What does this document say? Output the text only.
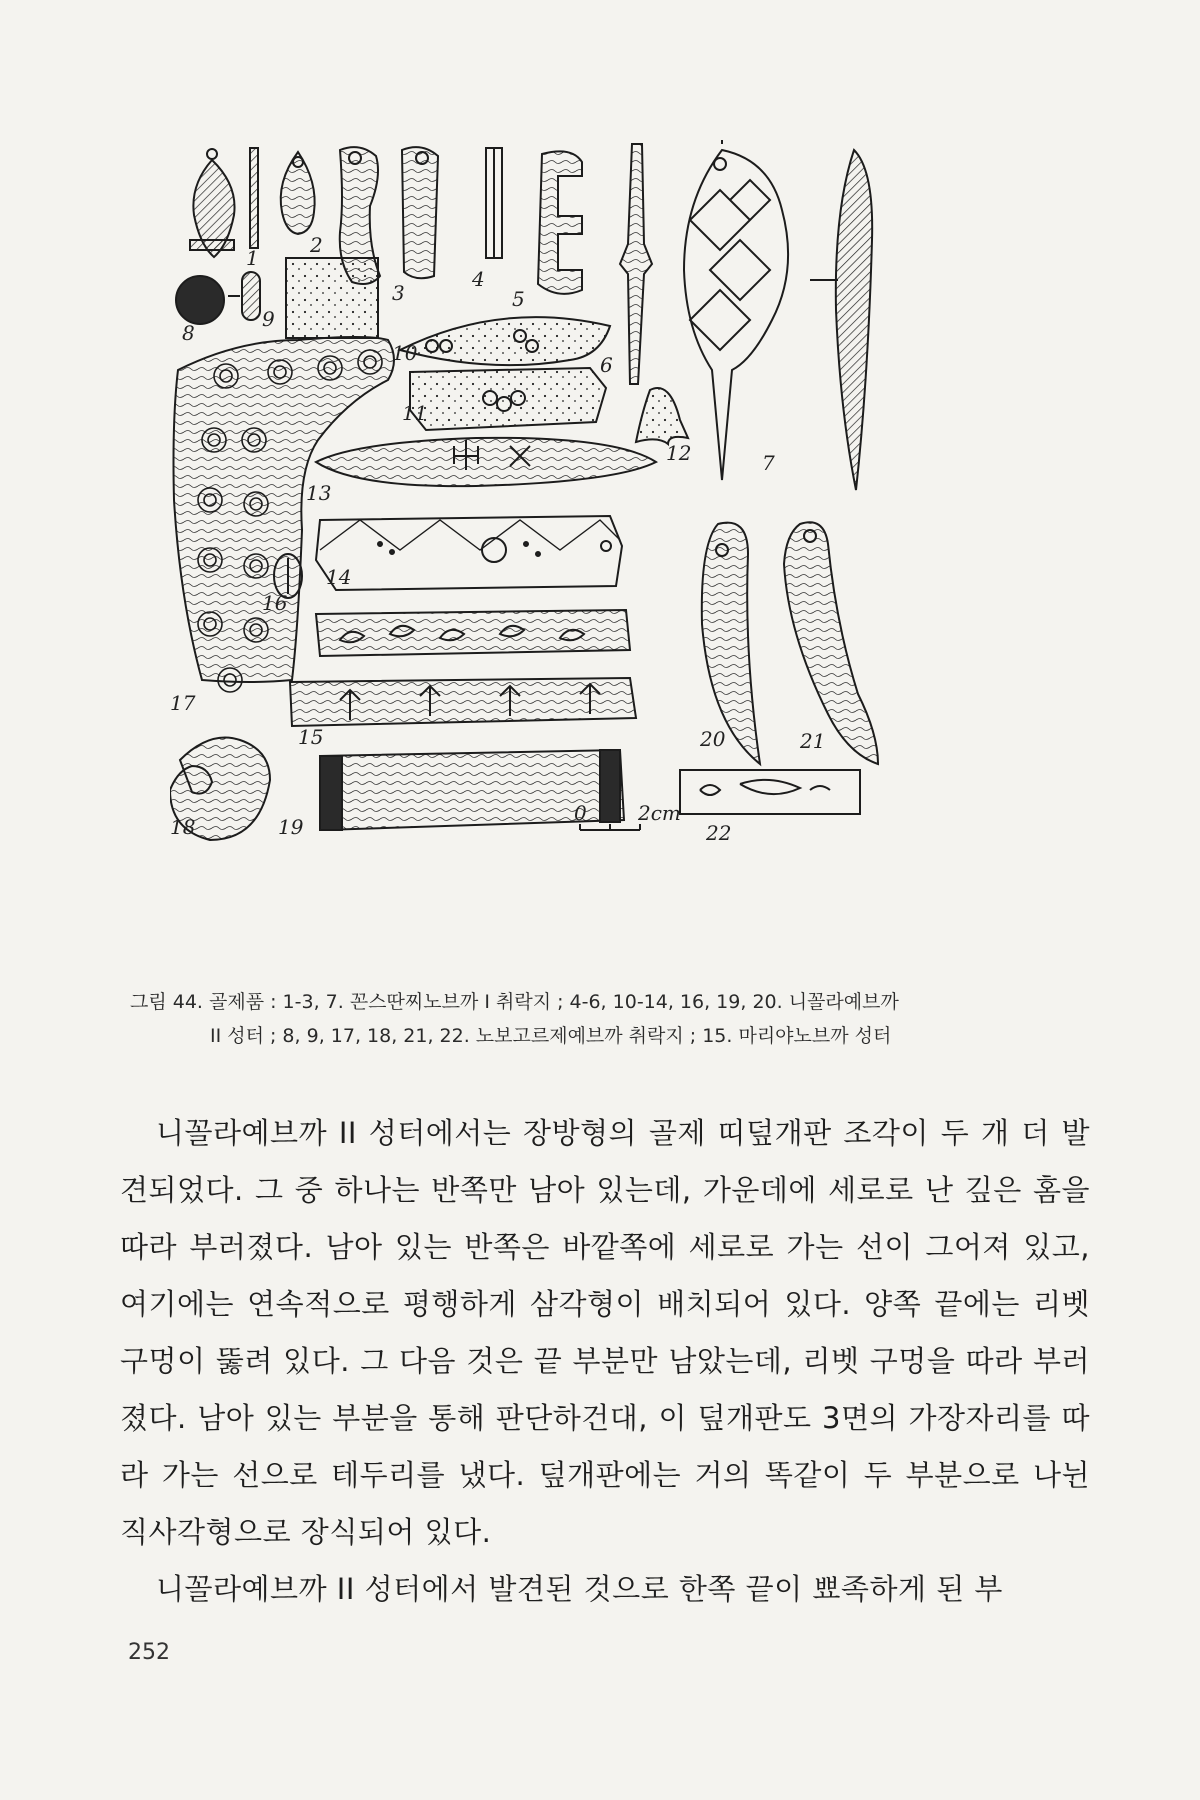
1
2
3
4
5
6
7
8
9
10
11
12
13
14
15
16
17
18	19
20	21
22
0	2cm
그림 44. 골제품 : 1-3, 7. 꼰스딴찌노브까 I 취락지 ; 4-6, 10-14, 16, 19, 20. 니꼴라예브까

II 성터 ; 8, 9, 17, 18, 21, 22. 노보고르제예브까 취락지 ; 15. 마리야노브까 성터

니꼴라예브까 II 성터에서는 장방형의 골제 띠덮개판 조각이 두 개 더 발견되었다. 그 중 하나는 반쪽만 남아 있는데, 가운데에 세로로 난 깊은 홈을 따라 부러졌다. 남아 있는 반쪽은 바깥쪽에 세로로 가는 선이 그어져 있고, 여기에는 연속적으로 평행하게 삼각형이 배치되어 있다. 양쪽 끝에는 리벳 구멍이 뚫려 있다. 그 다음 것은 끝 부분만 남았는데, 리벳 구멍을 따라 부러졌다. 남아 있는 부분을 통해 판단하건대, 이 덮개판도 3면의 가장자리를 따라 가는 선으로 테두리를 냈다. 덮개판에는 거의 똑같이 두 부분으로 나뉜 직사각형으로 장식되어 있다.

니꼴라예브까 II 성터에서 발견된 것으로 한쪽 끝이 뾰족하게 된 부

252
